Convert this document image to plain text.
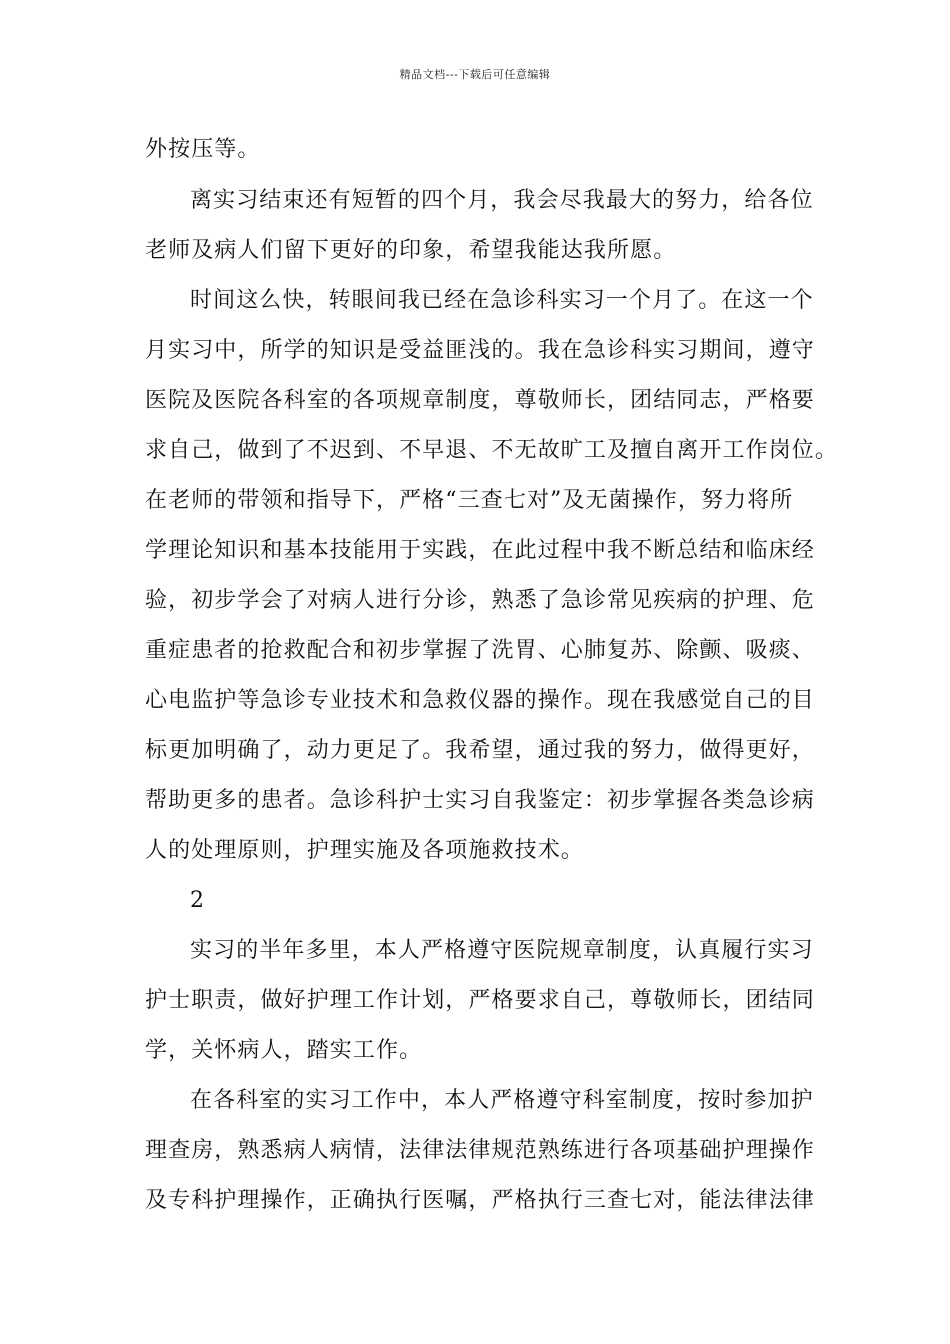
精品文档---下载后可任意编辑
外按压等。
离实习结束还有短暂的四个月，我会尽我最大的努力，给各位
老师及病人们留下更好的印象，希望我能达我所愿。
时间这么快，转眼间我已经在急诊科实习一个月了。在这一个
月实习中，所学的知识是受益匪浅的。我在急诊科实习期间，遵守
医院及医院各科室的各项规章制度，尊敬师长，团结同志，严格要
求自己，做到了不迟到、不早退、不无故旷工及擅自离开工作岗位。
在老师的带领和指导下，严格“三查七对”及无菌操作，努力将所
学理论知识和基本技能用于实践，在此过程中我不断总结和临床经
验，初步学会了对病人进行分诊，熟悉了急诊常见疾病的护理、危
重症患者的抢救配合和初步掌握了洗胃、心肺复苏、除颤、吸痰、
心电监护等急诊专业技术和急救仪器的操作。现在我感觉自己的目
标更加明确了，动力更足了。我希望，通过我的努力，做得更好，
帮助更多的患者。急诊科护士实习自我鉴定：初步掌握各类急诊病
人的处理原则，护理实施及各项施救技术。
2
实习的半年多里，本人严格遵守医院规章制度，认真履行实习
护士职责，做好护理工作计划，严格要求自己，尊敬师长，团结同
学，关怀病人，踏实工作。
在各科室的实习工作中，本人严格遵守科室制度，按时参加护
理查房，熟悉病人病情，法律法律规范熟练进行各项基础护理操作
及专科护理操作，正确执行医嘱，严格执行三查七对，能法律法律
